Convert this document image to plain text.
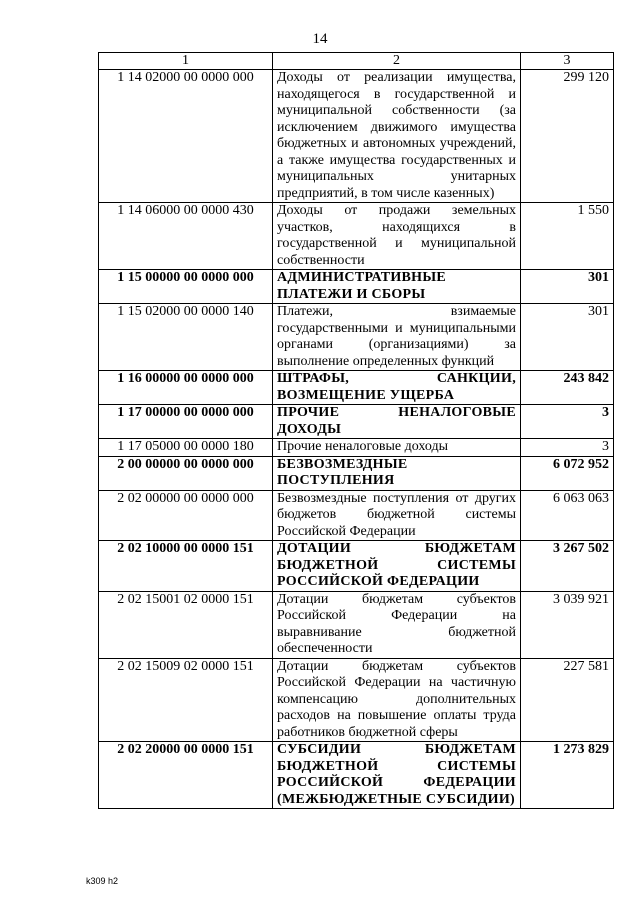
14
1	2	3
1 14 02000 00 0000 000	Доходы от реализации имущества, находящегося в государственной и муниципальной собственности (за исключением движимого имущества бюджетных и автономных учреждений, а также имущества государственных и муниципальных унитарных предприятий, в том числе казенных)	299 120
1 14 06000 00 0000 430	Доходы от продажи земельных участков, находящихся в государственной и муниципальной собственности	1 550
1 15 00000 00 0000 000	АДМИНИСТРАТИВНЫЕ ПЛАТЕЖИ И СБОРЫ	301
1 15 02000 00 0000 140	Платежи, взимаемые государственными и муниципальными органами (организациями) за выполнение определенных функций	301
1 16 00000 00 0000 000	ШТРАФЫ, САНКЦИИ, ВОЗМЕЩЕНИЕ УЩЕРБА	243 842
1 17 00000 00 0000 000	ПРОЧИЕ НЕНАЛОГОВЫЕ ДОХОДЫ	3
1 17 05000 00 0000 180	Прочие неналоговые доходы	3
2 00 00000 00 0000 000	БЕЗВОЗМЕЗДНЫЕ ПОСТУПЛЕНИЯ	6 072 952
2 02 00000 00 0000 000	Безвозмездные поступления от других бюджетов бюджетной системы Российской Федерации	6 063 063
2 02 10000 00 0000 151	ДОТАЦИИ БЮДЖЕТАМ БЮДЖЕТНОЙ СИСТЕМЫ РОССИЙСКОЙ ФЕДЕРАЦИИ	3 267 502
2 02 15001 02 0000 151	Дотации бюджетам субъектов Российской Федерации на выравнивание бюджетной обеспеченности	3 039 921
2 02 15009 02 0000 151	Дотации бюджетам субъектов Российской Федерации на частичную компенсацию дополнительных расходов на повышение оплаты труда работников бюджетной сферы	227 581
2 02 20000 00 0000 151	СУБСИДИИ БЮДЖЕТАМ БЮДЖЕТНОЙ СИСТЕМЫ РОССИЙСКОЙ ФЕДЕРАЦИИ (МЕЖБЮДЖЕТНЫЕ СУБСИДИИ)	1 273 829
k309 h2
